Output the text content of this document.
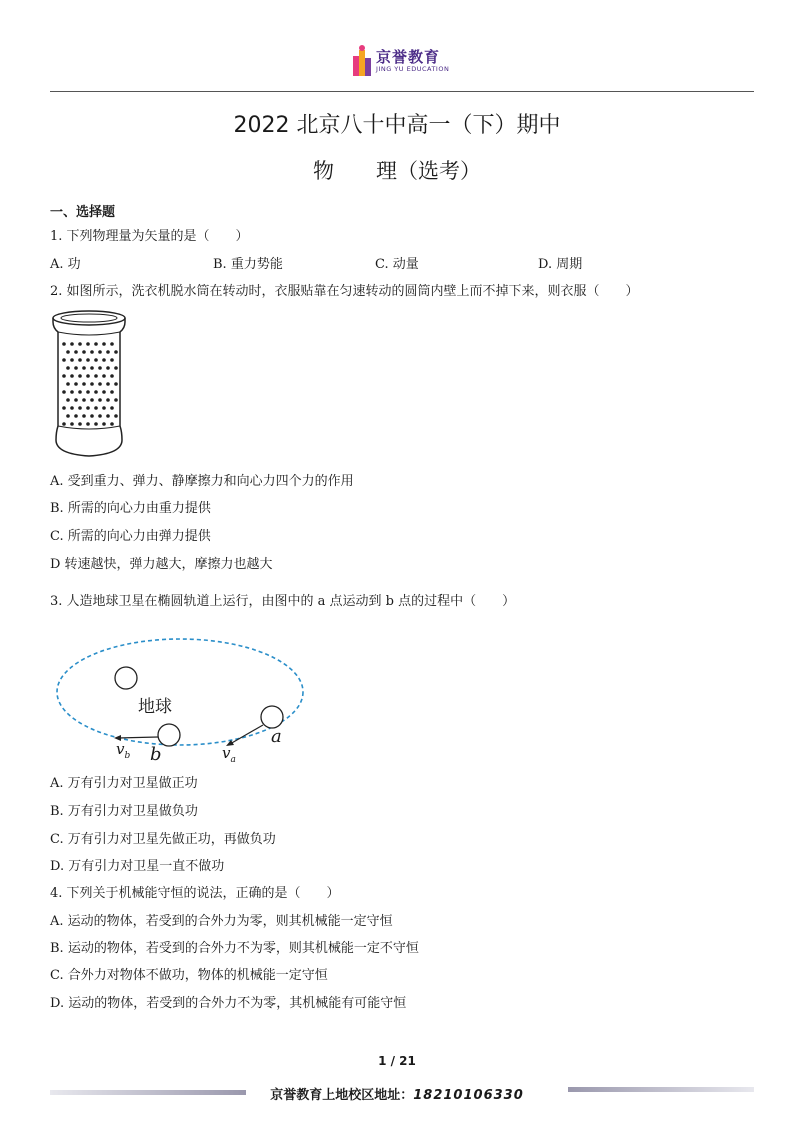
京誉教育
JING YU EDUCATION
2022 北京八十中高一（下）期中
物　　理（选考）
一、选择题
1. 下列物理量为矢量的是（　　）
A. 功	B. 重力势能	C. 动量	D. 周期
2. 如图所示，洗衣机脱水筒在转动时，衣服贴靠在匀速转动的圆筒内壁上而不掉下来，则衣服（　　）
A. 受到重力、弹力、静摩擦力和向心力四个力的作用
B. 所需的向心力由重力提供
C. 所需的向心力由弹力提供
D 转速越快，弹力越大，摩擦力也越大
3. 人造地球卫星在椭圆轨道上运行，由图中的 a 点运动到 b 点的过程中（　　）
地球
a
b
$v_b$	$v_a$
A. 万有引力对卫星做正功
B. 万有引力对卫星做负功
C. 万有引力对卫星先做正功，再做负功
D. 万有引力对卫星一直不做功
4. 下列关于机械能守恒的说法，正确的是（　　）
A. 运动的物体，若受到的合外力为零，则其机械能一定守恒
B. 运动的物体，若受到的合外力不为零，则其机械能一定不守恒
C. 合外力对物体不做功，物体的机械能一定守恒
D. 运动的物体，若受到的合外力不为零，其机械能有可能守恒
1 / 21
京誉教育上地校区地址：18210106330
